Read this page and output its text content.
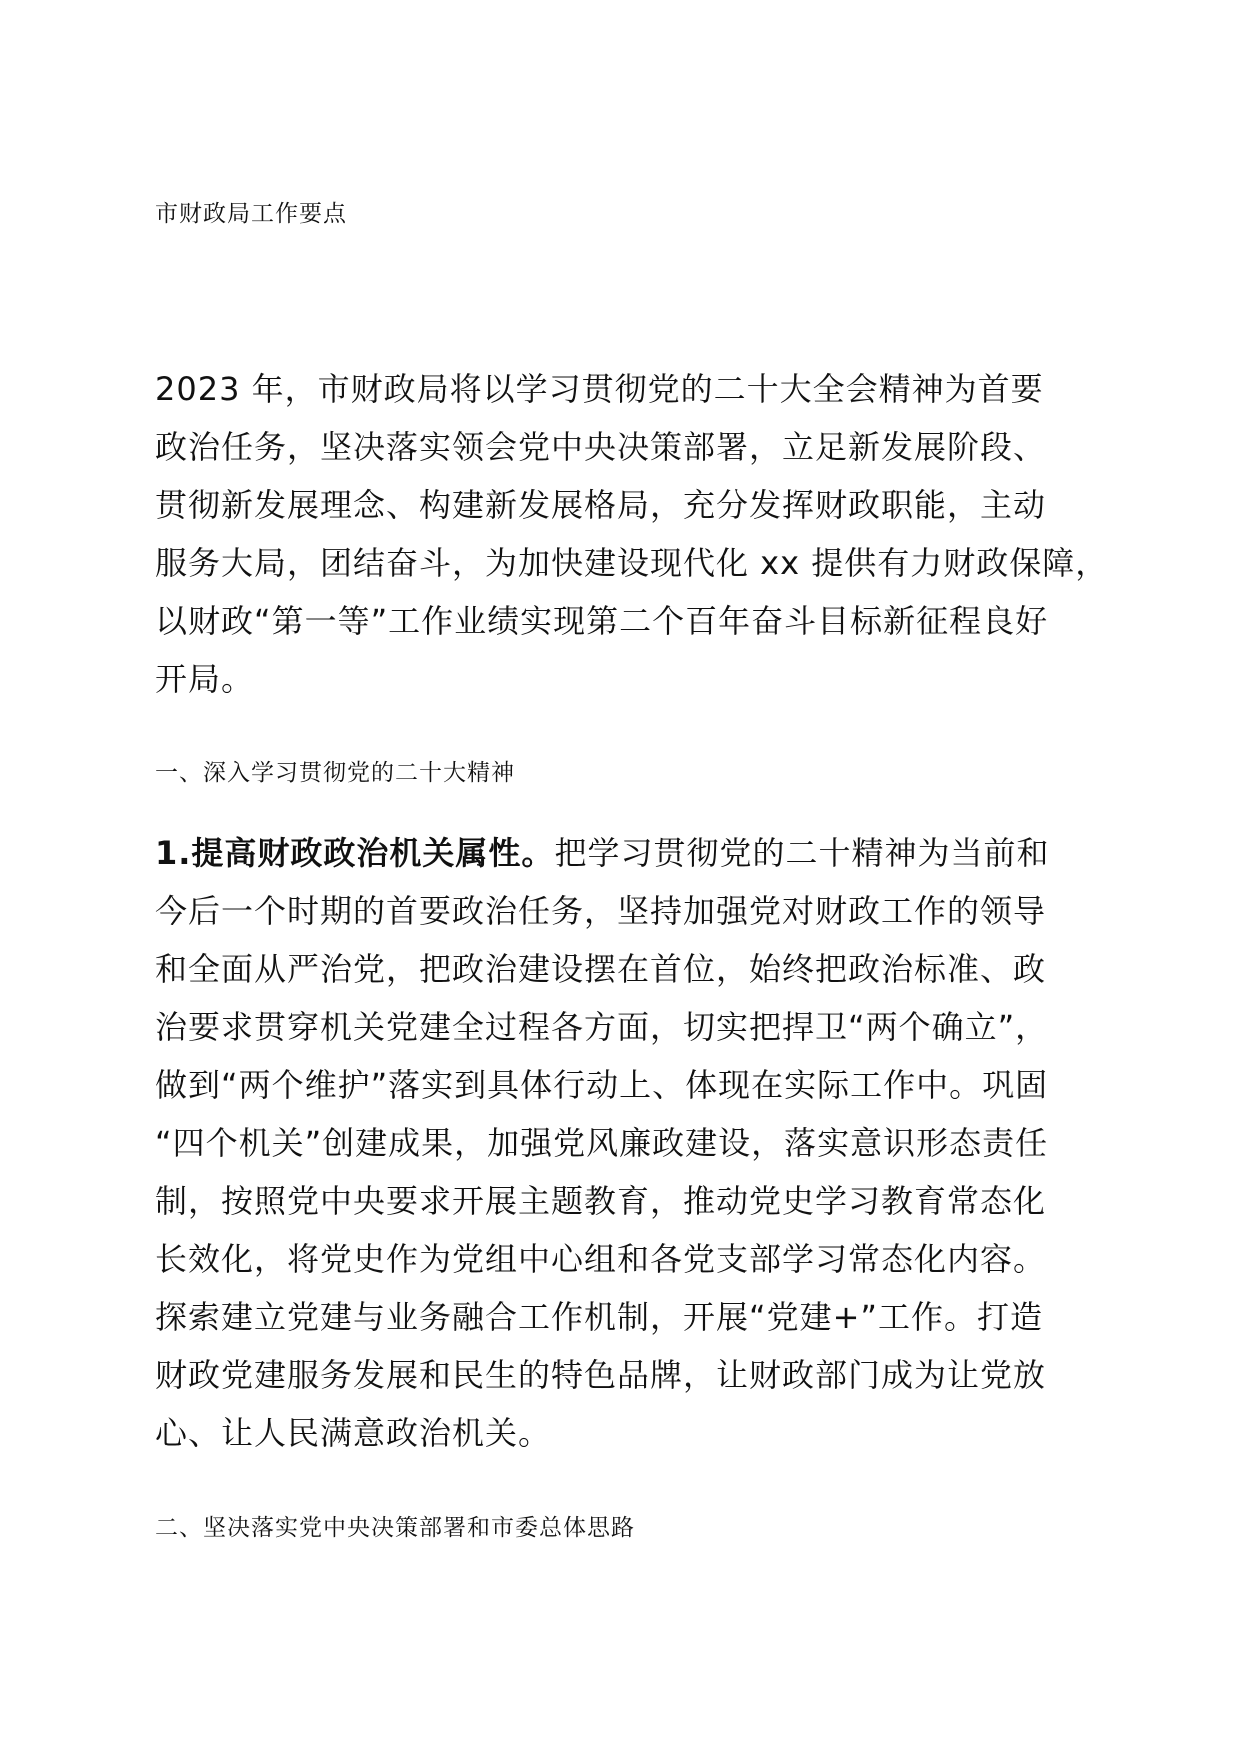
市财政局工作要点
2023 年，市财政局将以学习贯彻党的二十大全会精神为首要
政治任务，坚决落实领会党中央决策部署，立足新发展阶段、
贯彻新发展理念、构建新发展格局，充分发挥财政职能，主动
服务大局，团结奋斗，为加快建设现代化 xx 提供有力财政保障，
以财政“第一等”工作业绩实现第二个百年奋斗目标新征程良好
开局。
一、深入学习贯彻党的二十大精神
1.提高财政政治机关属性。把学习贯彻党的二十精神为当前和
今后一个时期的首要政治任务，坚持加强党对财政工作的领导
和全面从严治党，把政治建设摆在首位，始终把政治标准、政
治要求贯穿机关党建全过程各方面，切实把捍卫“两个确立”，
做到“两个维护”落实到具体行动上、体现在实际工作中。巩固
“四个机关”创建成果，加强党风廉政建设，落实意识形态责任
制，按照党中央要求开展主题教育，推动党史学习教育常态化
长效化，将党史作为党组中心组和各党支部学习常态化内容。
探索建立党建与业务融合工作机制，开展“党建+”工作。打造
财政党建服务发展和民生的特色品牌，让财政部门成为让党放
心、让人民满意政治机关。
二、坚决落实党中央决策部署和市委总体思路
